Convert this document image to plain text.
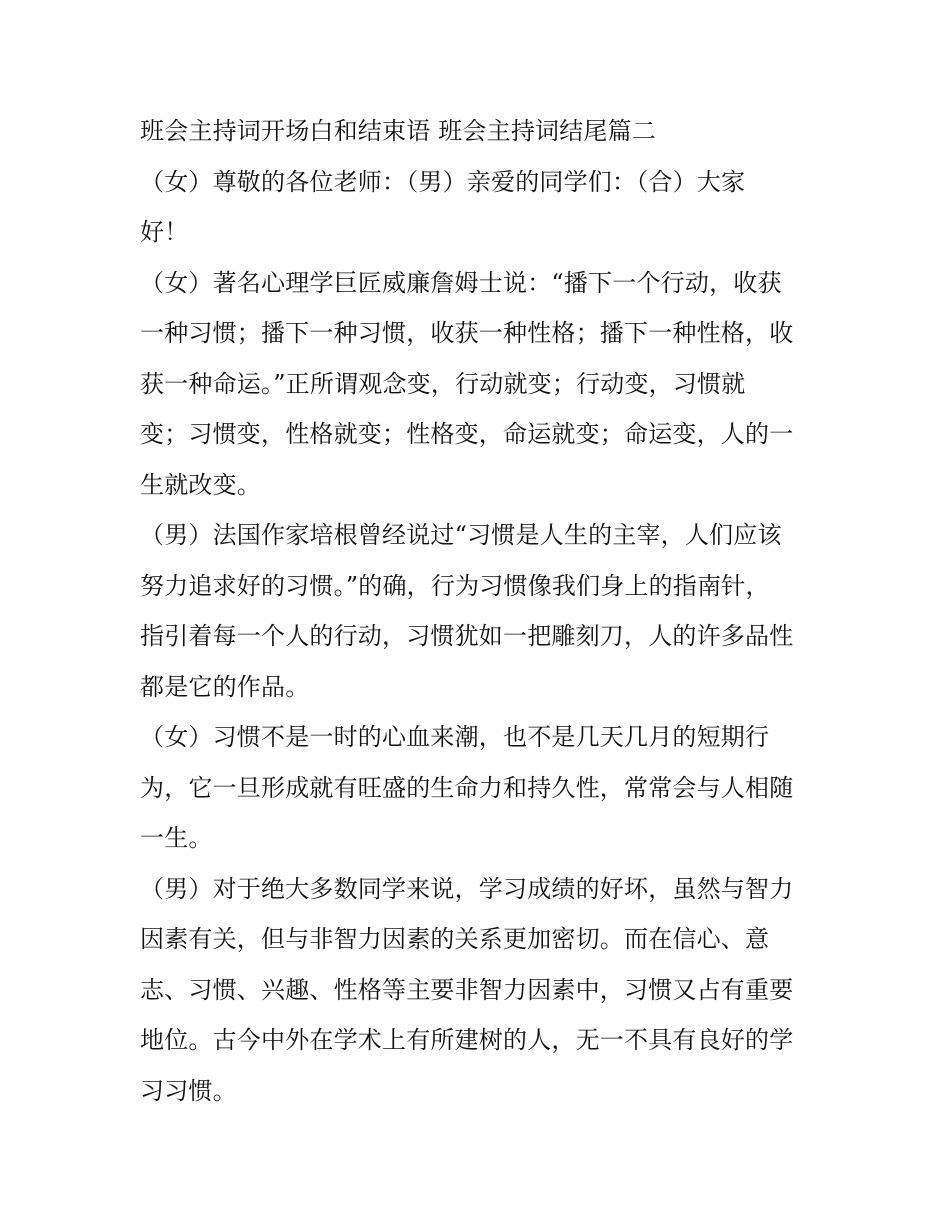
班会主持词开场白和结束语 班会主持词结尾篇二
（女）尊敬的各位老师：（男）亲爱的同学们：（合）大家
好！
（女）著名心理学巨匠威廉詹姆士说：“播下一个行动，收获
一种习惯；播下一种习惯，收获一种性格；播下一种性格，收
获一种命运。”正所谓观念变，行动就变；行动变，习惯就
变；习惯变，性格就变；性格变，命运就变；命运变，人的一
生就改变。
（男）法国作家培根曾经说过“习惯是人生的主宰，人们应该
努力追求好的习惯。”的确，行为习惯像我们身上的指南针，
指引着每一个人的行动，习惯犹如一把雕刻刀，人的许多品性
都是它的作品。
（女）习惯不是一时的心血来潮，也不是几天几月的短期行
为，它一旦形成就有旺盛的生命力和持久性，常常会与人相随
一生。
（男）对于绝大多数同学来说，学习成绩的好坏，虽然与智力
因素有关，但与非智力因素的关系更加密切。而在信心、意
志、习惯、兴趣、性格等主要非智力因素中，习惯又占有重要
地位。古今中外在学术上有所建树的人，无一不具有良好的学
习习惯。
